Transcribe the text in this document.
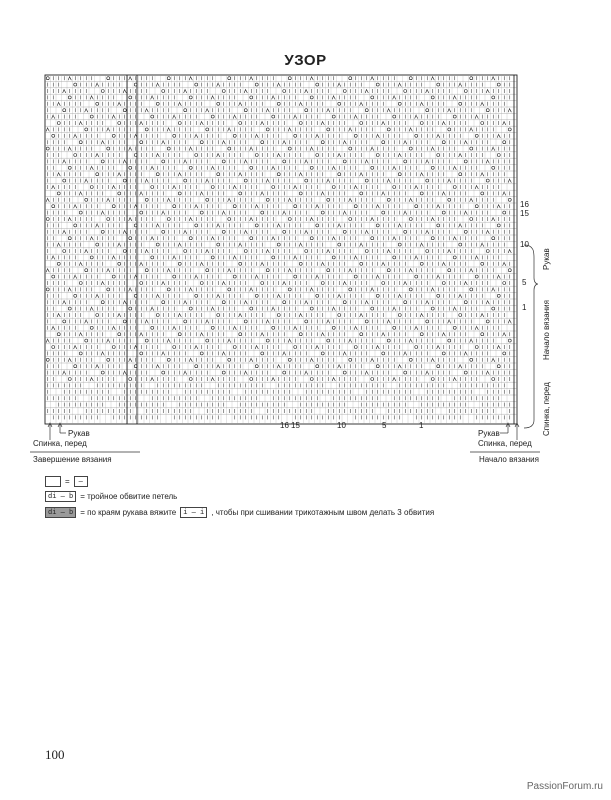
УЗОР
16
15
10
5
1
16 15	10	5	1
Рукав
Спинка, перед
Завершение вязания
Рукав
Спинка, перед
Начало вязания
Рукав
Начало вязания
Спинка, перед
=	—
di — b = тройное обвитие петель
di — b = по краям рукава вяжите	i — i , чтобы при сшивании трикотажным швом делать 3 обвития
100
PassionForum.ru
